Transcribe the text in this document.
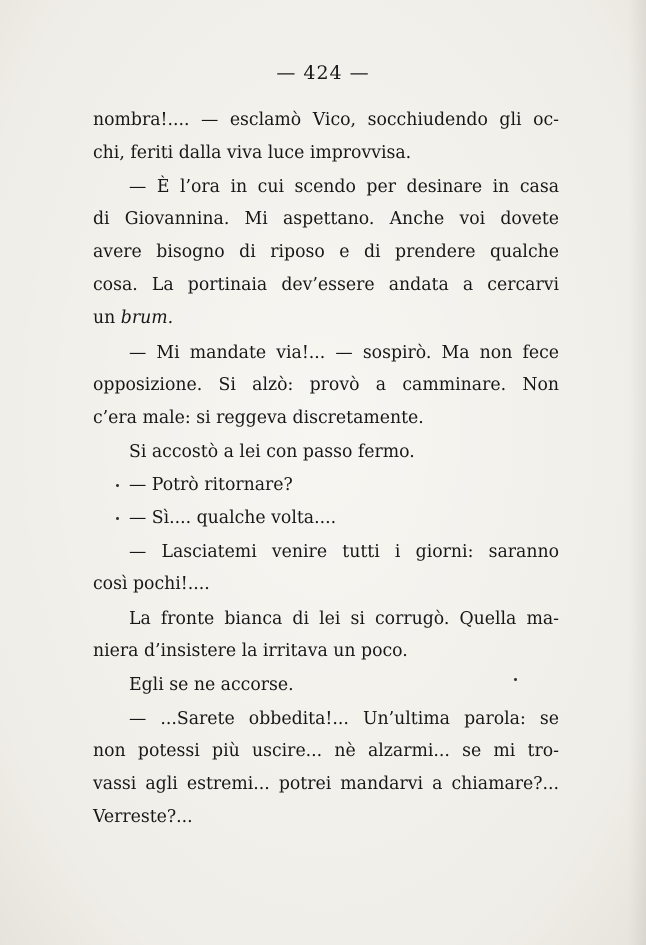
— 424 —
nombra!.... — esclamò Vico, socchiudendo gli oc-
chi, feriti dalla viva luce improvvisa.
— È l’ora in cui scendo per desinare in casa
di Giovannina. Mi aspettano. Anche voi dovete
avere bisogno di riposo e di prendere qualche
cosa. La portinaia dev’essere andata a cercarvi
un brum.
— Mi mandate via!... — sospirò. Ma non fece
opposizione. Si alzò: provò a camminare. Non
c’era male: si reggeva discretamente.
Si accostò a lei con passo fermo.
— Potrò ritornare?
— Sì.... qualche volta....
— Lasciatemi venire tutti i giorni: saranno
così pochi!....
La fronte bianca di lei si corrugò. Quella ma-
niera d’insistere la irritava un poco.
Egli se ne accorse.
— ...Sarete obbedita!... Un’ultima parola: se
non potessi più uscire... nè alzarmi... se mi tro-
vassi agli estremi... potrei mandarvi a chiamare?...
Verreste?...
